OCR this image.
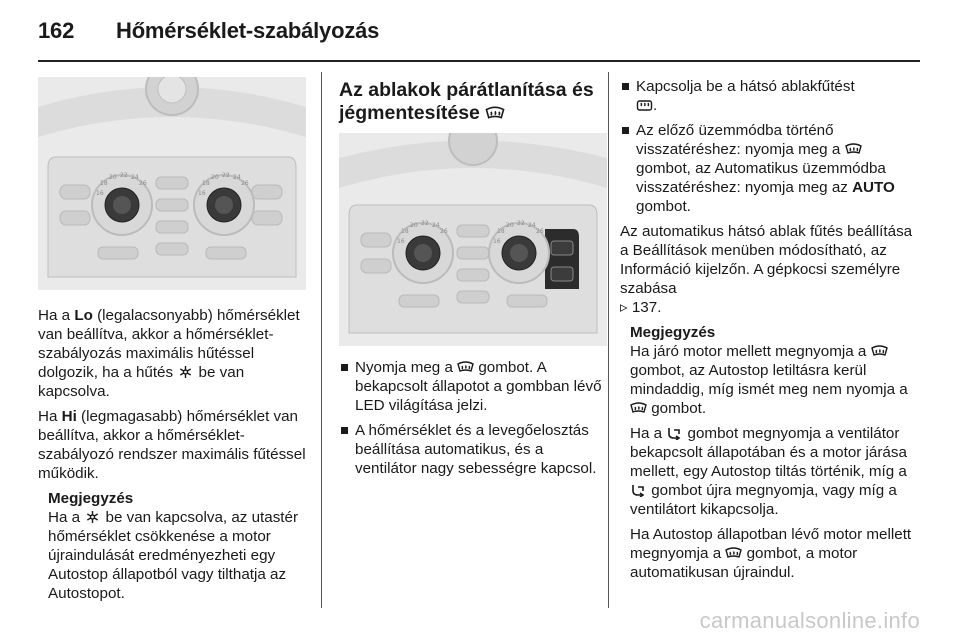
162 Hőmérséklet-szabályozás
16
18
20 22 24
26
16
18
20 22 24
26

Ha a Lo (legalacsonyabb) hőmérséklet van beállítva, akkor a hőmérséklet-szabályozás maximális hűtéssel dolgozik, ha a hűtés  be van kapcsolva.

Ha Hi (legmagasabb) hőmérséklet van beállítva, akkor a hőmérséklet-szabályozó rendszer maximális fűtéssel működik.

Megjegyzés

Ha a  be van kapcsolva, az utastér hőmérséklet csökkenése a motor újraindulását eredményezheti egy Autostop állapotból vagy tilthatja az Autostopot.

Az ablakok párátlanítása és jégmentesítése
16
18
20 22 24
26
16
18
20 22 24
26

Nyomja meg a  gombot. A bekapcsolt állapotot a gombban lévő LED világítása jelzi.

A hőmérséklet és a levegőelosztás beállítása automatikus, és a ventilátor nagy sebességre kapcsol.

Kapcsolja be a hátsó ablakfűtést
.

Az előző üzemmódba történő visszatéréshez: nyomja meg a  gombot, az Automatikus üzemmódba visszatéréshez: nyomja meg az AUTO gombot.

Az automatikus hátsó ablak fűtés beállítása a Beállítások menüben módosítható, az Információ kijelzőn. A gépkocsi személyre szabása
▹ 137.

Megjegyzés

Ha járó motor mellett megnyomja a  gombot, az Autostop letiltásra kerül mindaddig, míg ismét meg nem nyomja a  gombot.

Ha a  gombot megnyomja a ventilátor bekapcsolt állapotában és a motor járása mellett, egy Autostop tiltás történik, míg a  gombot újra megnyomja, vagy míg a ventilátort kikapcsolja.

Ha Autostop állapotban lévő motor mellett megnyomja a  gombot, a motor automatikusan újraindul.

carmanualsonline.info
